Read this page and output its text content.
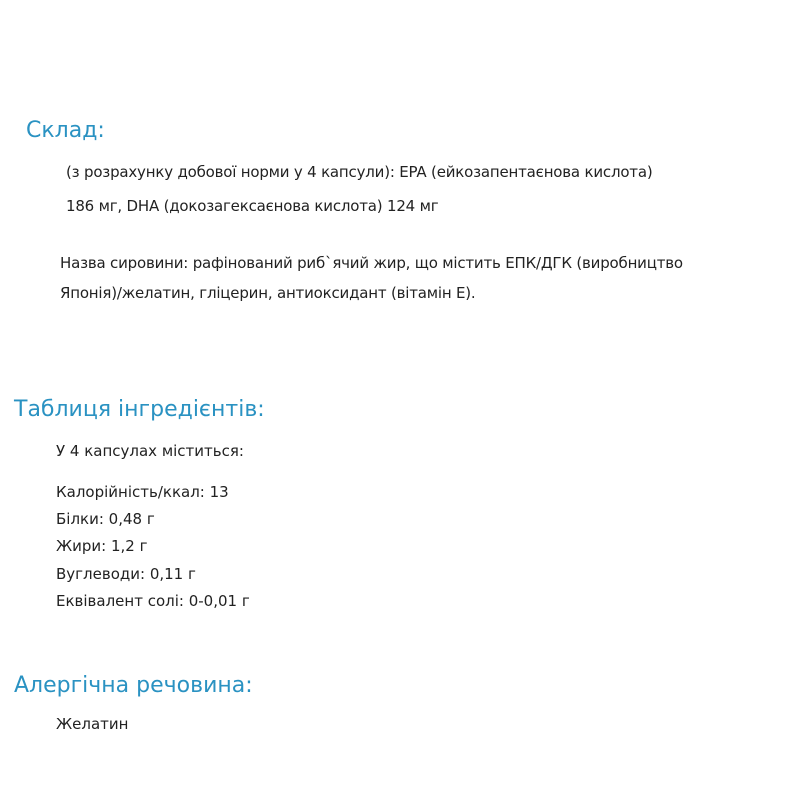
Склад:

(з розрахунку добової норми у 4 капсули): EPA (ейкозапентаєнова кислота)

186 мг, DHA (докозагексаєнова кислота) 124 мг

Назва сировини: рафінований риб`ячий жир, що містить ЕПК/ДГК (виробництво

Японія)/желатин, гліцерин, антиоксидант (вітамін Е).

Таблиця інгредієнтів:

У 4 капсулах міститься:

Калорійність/ккал: 13

Білки: 0,48 г

Жири: 1,2 г

Вуглеводи: 0,11 г

Еквівалент солі: 0-0,01 г

Алергічна речовина:

Желатин
